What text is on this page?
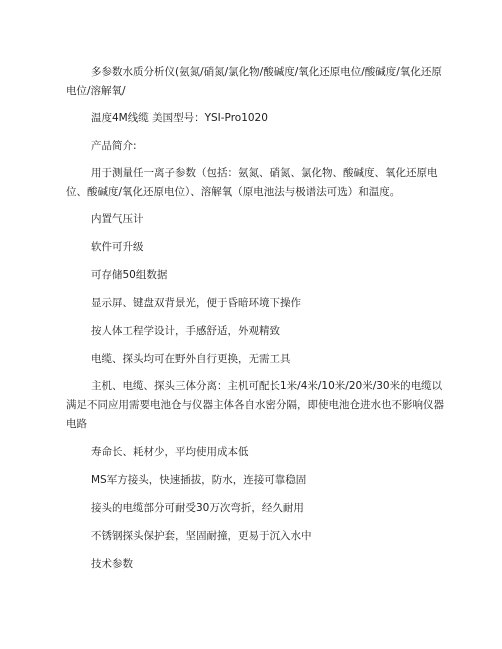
多参数水质分析仪(氨氮/硝氮/氯化物/酸碱度/氧化还原电位/酸碱度/氧化还原电位/溶解氧/

温度4M线缆 美国型号：YSI-Pro1020

产品简介:

用于测量任一离子参数（包括：氨氮、硝氮、氯化物、酸碱度、氧化还原电位、酸碱度/氧化还原电位）、溶解氧（原电池法与极谱法可选）和温度。

内置气压计

软件可升级

可存储50组数据

显示屏、键盘双背景光，便于昏暗环境下操作

按人体工程学设计，手感舒适，外观精致

电缆、探头均可在野外自行更换，无需工具

主机、电缆、探头三体分离：主机可配长1米/4米/10米/20米/30米的电缆以满足不同应用需要电池仓与仪器主体各自水密分隔，即使电池仓进水也不影响仪器电路

寿命长、耗材少，平均使用成本低

MS军方接头，快速插拔，防水，连接可靠稳固

接头的电缆部分可耐受30万次弯折，经久耐用

不锈钢探头保护套，坚固耐撞，更易于沉入水中

技术参数
